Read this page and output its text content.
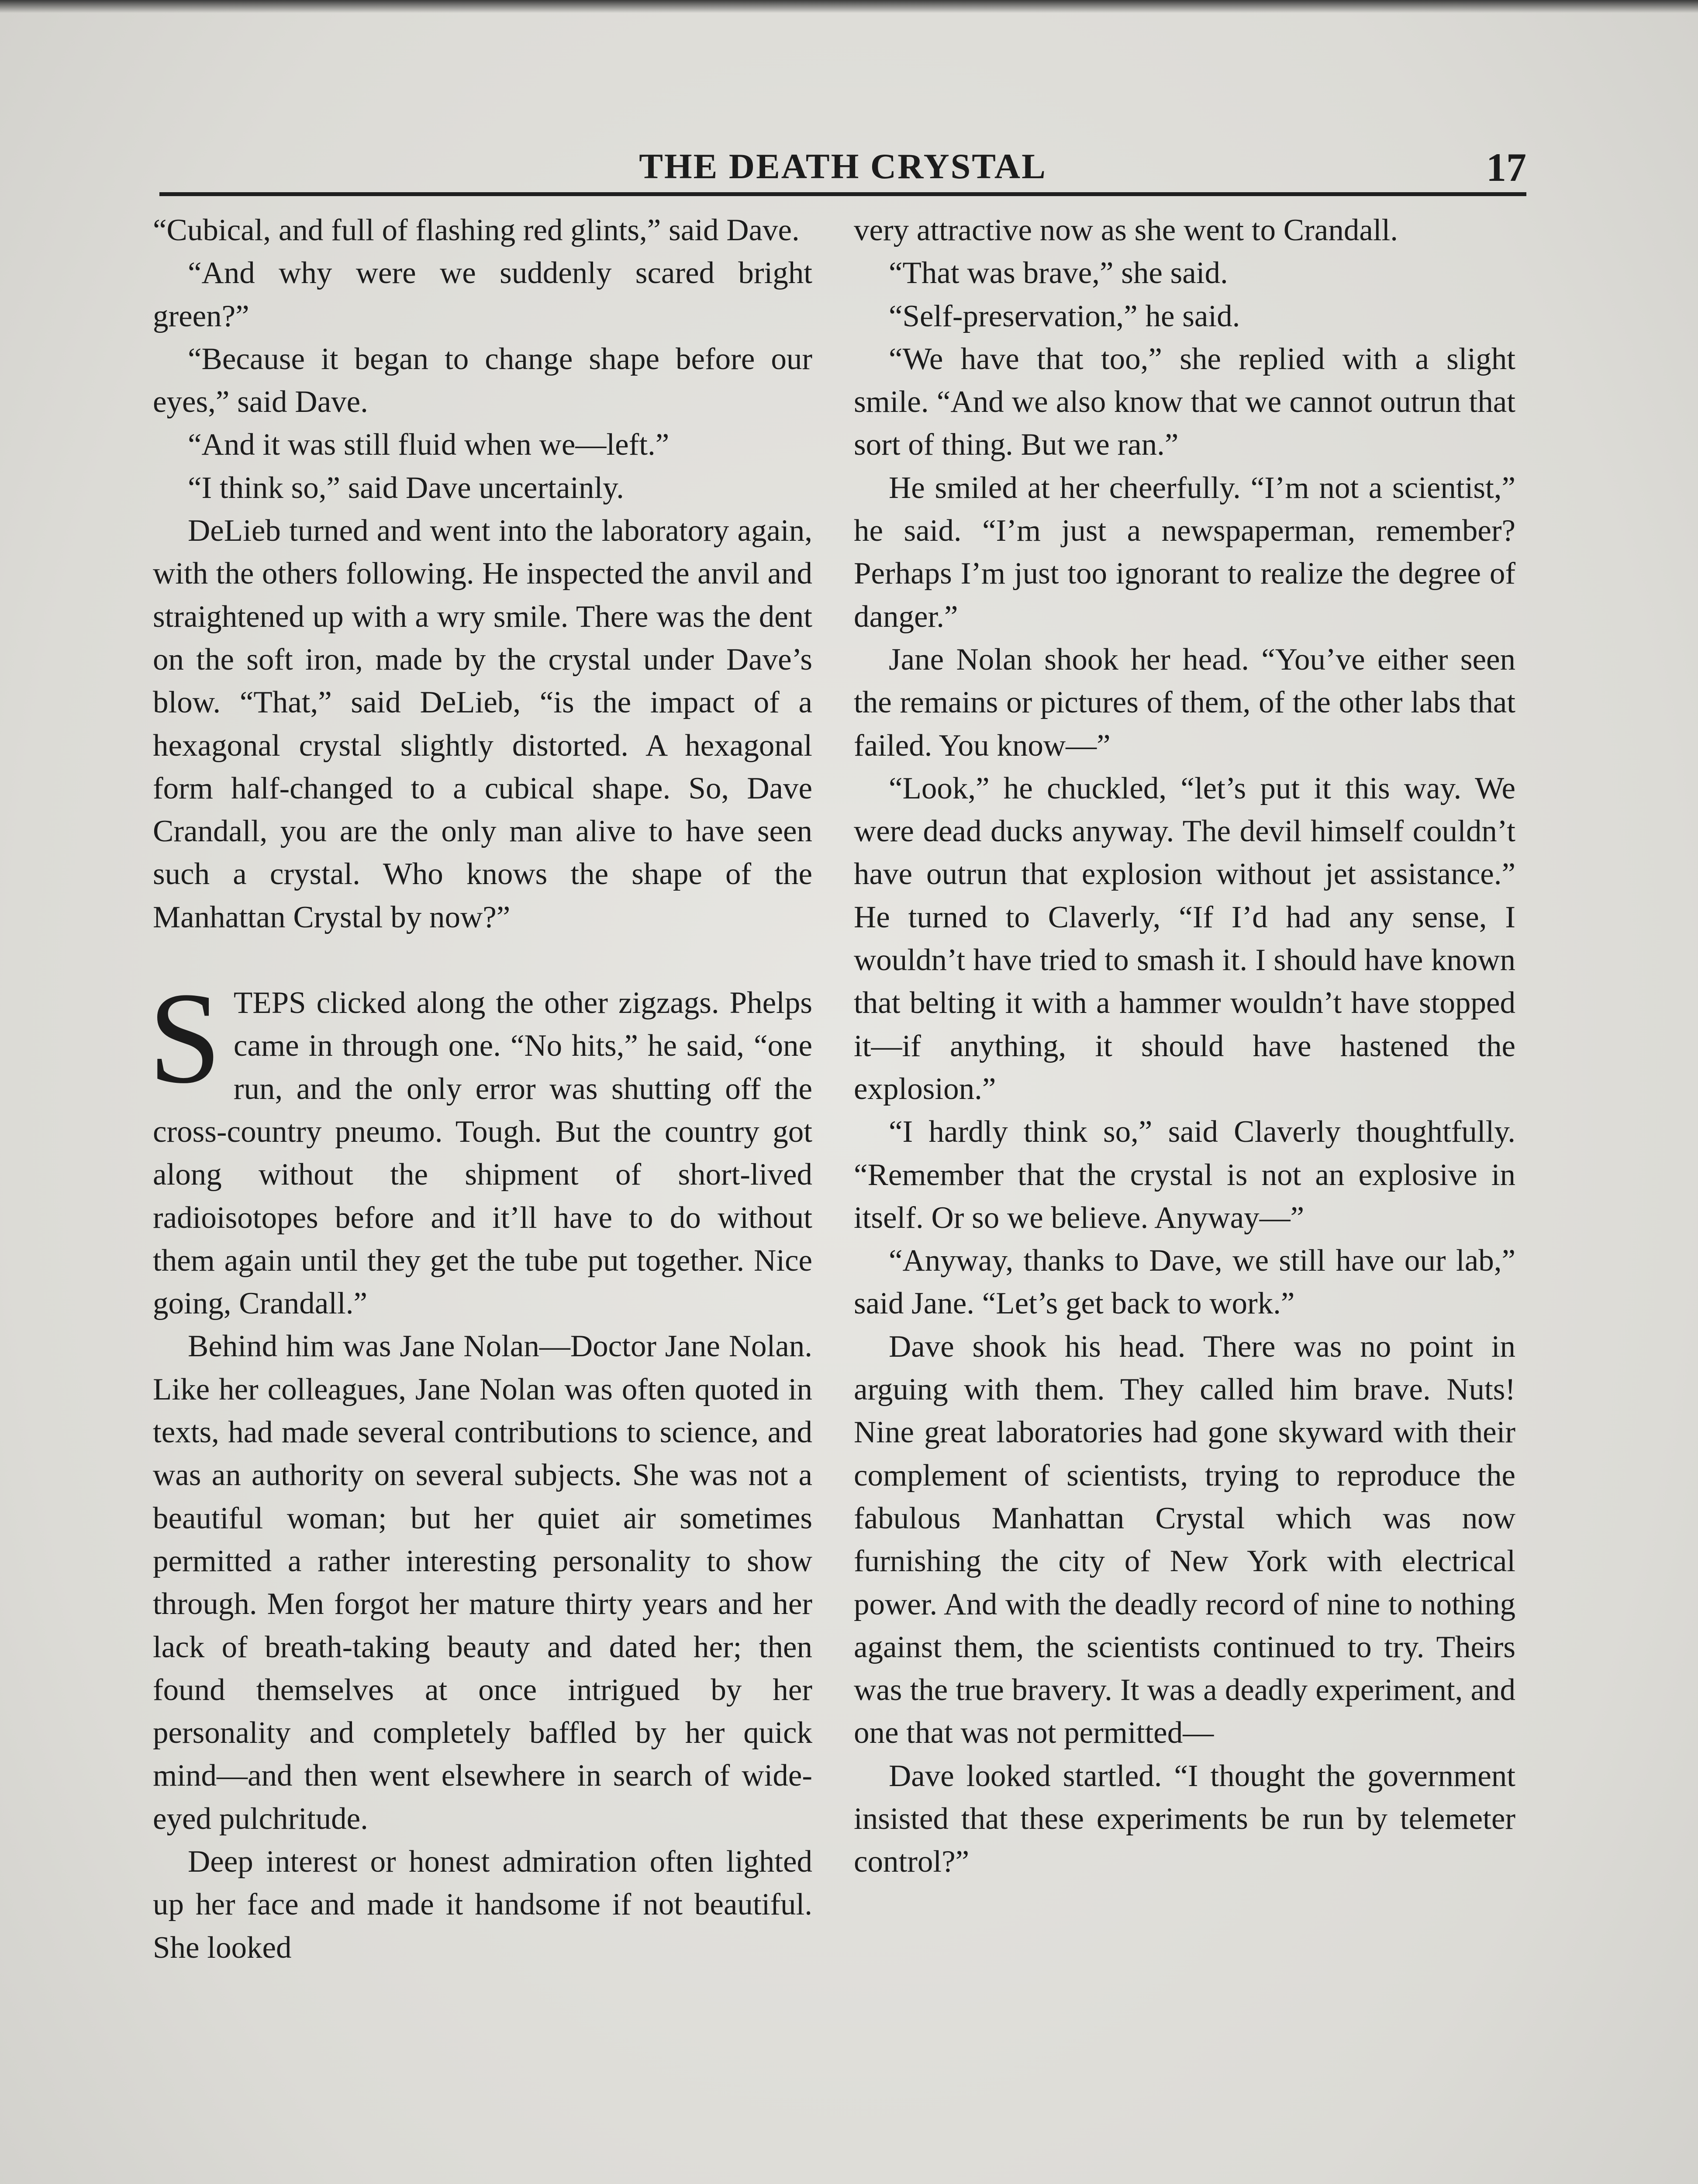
THE DEATH CRYSTAL	17

“Cubical, and full of flashing red glints,” said Dave.

“And why were we suddenly scared bright green?”

“Because it began to change shape before our eyes,” said Dave.

“And it was still fluid when we—left.”

“I think so,” said Dave uncertainly.

DeLieb turned and went into the laboratory again, with the others following. He inspected the anvil and straightened up with a wry smile. There was the dent on the soft iron, made by the crystal under Dave’s blow. “That,” said DeLieb, “is the impact of a hexagonal crystal slightly distorted. A hexagonal form half-changed to a cubical shape. So, Dave Crandall, you are the only man alive to have seen such a crystal. Who knows the shape of the Manhattan Crystal by now?”

STEPS clicked along the other zigzags. Phelps came in through one. “No hits,” he said, “one run, and the only error was shutting off the cross-country pneumo. Tough. But the country got along without the shipment of short-lived radioisotopes before and it’ll have to do without them again until they get the tube put together. Nice going, Crandall.”

Behind him was Jane Nolan—Doctor Jane Nolan. Like her colleagues, Jane Nolan was often quoted in texts, had made several contributions to science, and was an authority on several subjects. She was not a beautiful woman; but her quiet air sometimes permitted a rather interesting personality to show through. Men forgot her mature thirty years and her lack of breath-taking beauty and dated her; then found themselves at once intrigued by her personality and completely baffled by her quick mind—and then went elsewhere in search of wide-eyed pulchritude.

Deep interest or honest admiration often lighted up her face and made it handsome if not beautiful. She looked

very attractive now as she went to Crandall.

“That was brave,” she said.

“Self-preservation,” he said.

“We have that too,” she replied with a slight smile. “And we also know that we cannot outrun that sort of thing. But we ran.”

He smiled at her cheerfully. “I’m not a scientist,” he said. “I’m just a newspaperman, remember? Perhaps I’m just too ignorant to realize the degree of danger.”

Jane Nolan shook her head. “You’ve either seen the remains or pictures of them, of the other labs that failed. You know—”

“Look,” he chuckled, “let’s put it this way. We were dead ducks anyway. The devil himself couldn’t have outrun that explosion without jet assistance.” He turned to Claverly, “If I’d had any sense, I wouldn’t have tried to smash it. I should have known that belting it with a hammer wouldn’t have stopped it—if anything, it should have hastened the explosion.”

“I hardly think so,” said Claverly thoughtfully. “Remember that the crystal is not an explosive in itself. Or so we believe. Anyway—”

“Anyway, thanks to Dave, we still have our lab,” said Jane. “Let’s get back to work.”

Dave shook his head. There was no point in arguing with them. They called him brave. Nuts! Nine great laboratories had gone skyward with their complement of scientists, trying to reproduce the fabulous Manhattan Crystal which was now furnishing the city of New York with electrical power. And with the deadly record of nine to nothing against them, the scientists continued to try. Theirs was the true bravery. It was a deadly experiment, and one that was not permitted—

Dave looked startled. “I thought the government insisted that these experiments be run by telemeter control?”
